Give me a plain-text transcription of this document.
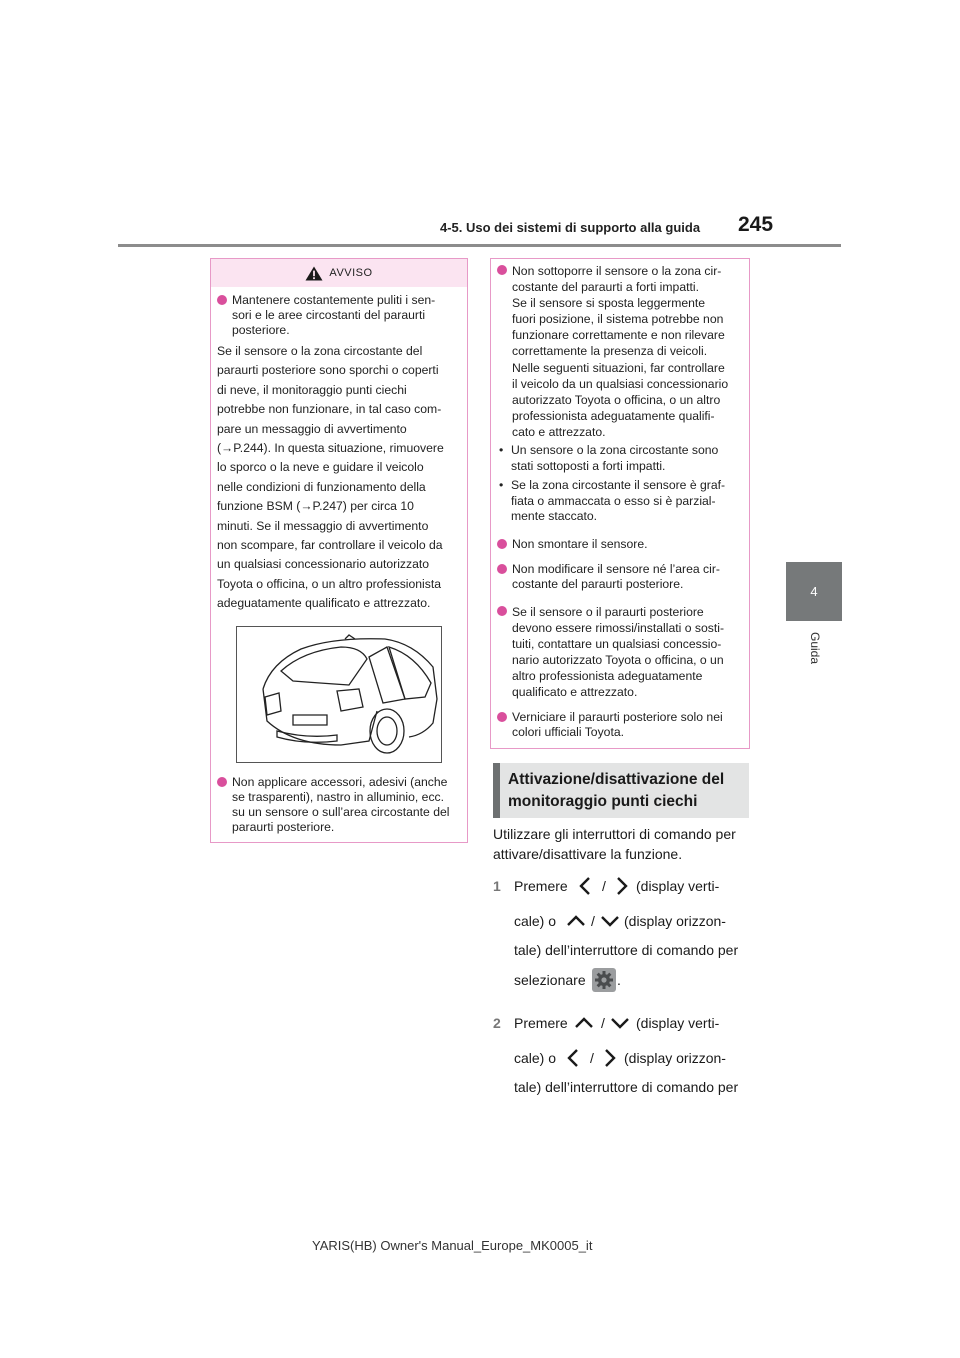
4-5. Uso dei sistemi di supporto alla guida 245
4
Guida
AVVISO
Mantenere costantemente puliti i sen-
sori e le aree circostanti del paraurti
posteriore.
Se il sensore o la zona circostante del
paraurti posteriore sono sporchi o coperti
di neve, il monitoraggio punti ciechi
potrebbe non funzionare, in tal caso com-
pare un messaggio di avvertimento
(→P.244). In questa situazione, rimuovere
lo sporco o la neve e guidare il veicolo
nelle condizioni di funzionamento della
funzione BSM (→P.247) per circa 10
minuti. Se il messaggio di avvertimento
non scompare, far controllare il veicolo da
un qualsiasi concessionario autorizzato
Toyota o officina, o un altro professionista
adeguatamente qualificato e attrezzato.
Non applicare accessori, adesivi (anche
se trasparenti), nastro in alluminio, ecc.
su un sensore o sull’area circostante del
paraurti posteriore.
Non sottoporre il sensore o la zona cir-
costante del paraurti a forti impatti.
Se il sensore si sposta leggermente
fuori posizione, il sistema potrebbe non
funzionare correttamente e non rilevare
correttamente la presenza di veicoli.
Nelle seguenti situazioni, far controllare
il veicolo da un qualsiasi concessionario
autorizzato Toyota o officina, o un altro
professionista adeguatamente qualifi-
cato e attrezzato.
• Un sensore o la zona circostante sono
stati sottoposti a forti impatti.
• Se la zona circostante il sensore è graf-
fiata o ammaccata o esso si è parzial-
mente staccato.
Non smontare il sensore.
Non modificare il sensore né l’area cir-
costante del paraurti posteriore.
Se il sensore o il paraurti posteriore
devono essere rimossi/installati o sosti-
tuiti, contattare un qualsiasi concessio-
nario autorizzato Toyota o officina, o un
altro professionista adeguatamente
qualificato e attrezzato.
Verniciare il paraurti posteriore solo nei
colori ufficiali Toyota.
Attivazione/disattivazione del
monitoraggio punti ciechi
Utilizzare gli interruttori di comando per
attivare/disattivare la funzione.
1 Premere / (display verti-
cale) o / (display orizzon-
tale) dell’interruttore di comando per
selezionare .
2 Premere / (display verti-
cale) o / (display orizzon-
tale) dell’interruttore di comando per
YARIS(HB) Owner's Manual_Europe_MK0005_it
